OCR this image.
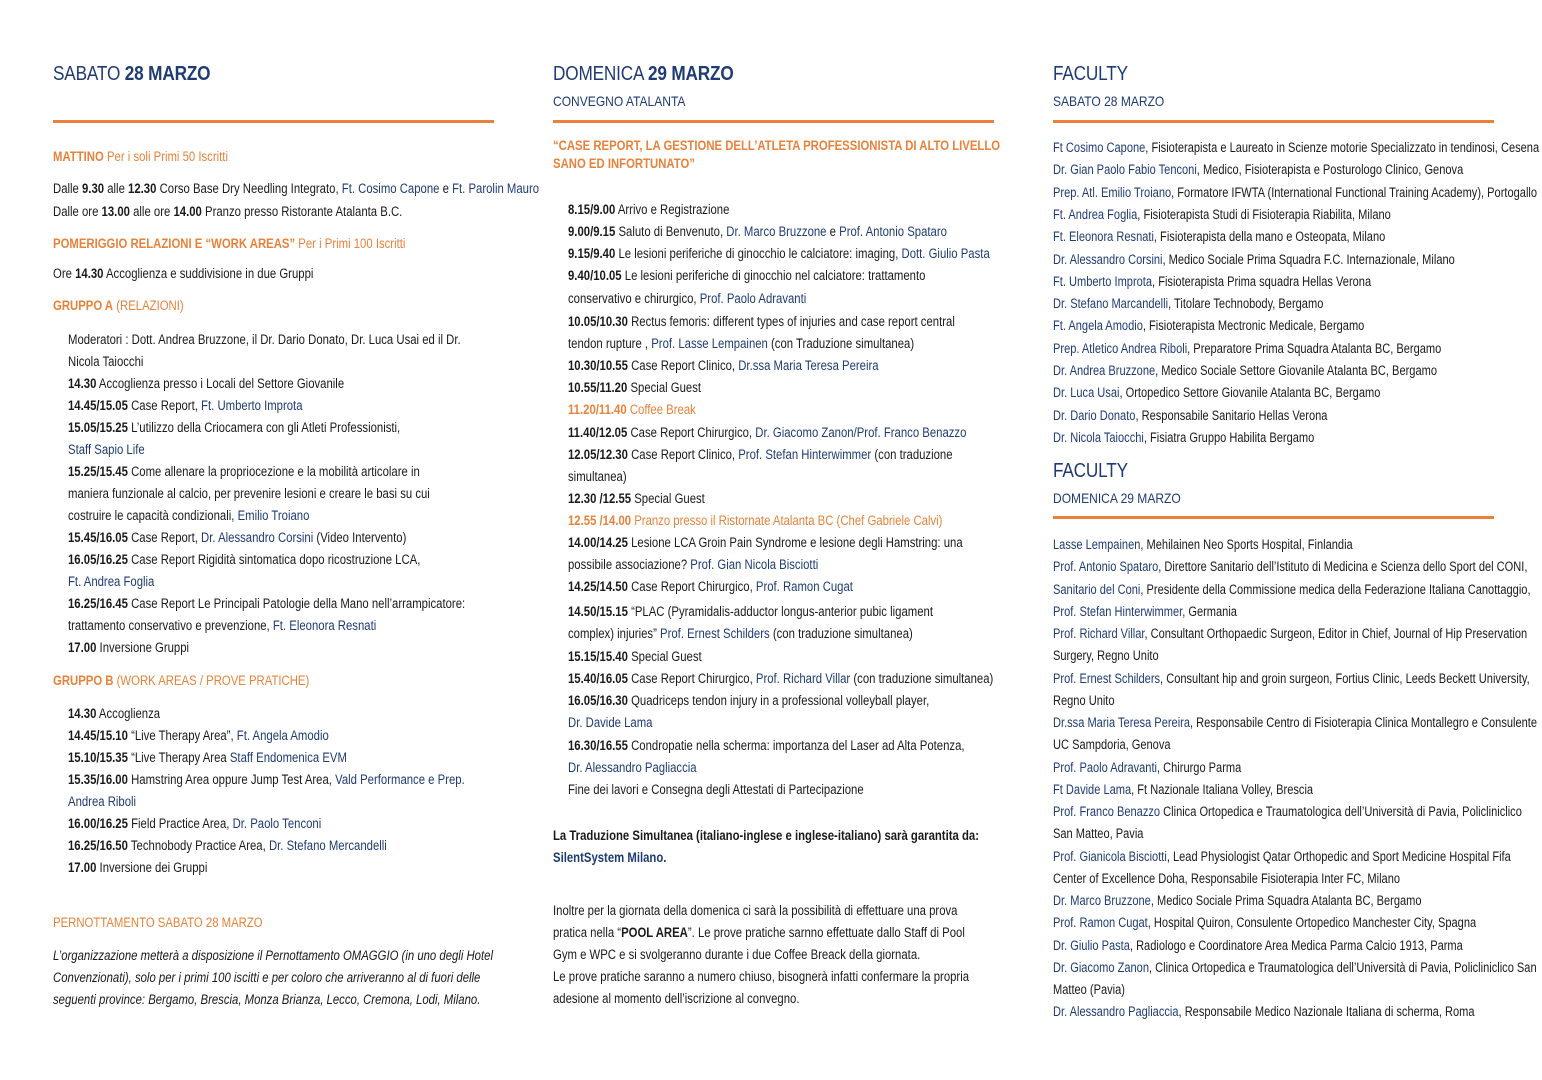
SABATO 28 MARZO
MATTINO Per i soli Primi 50 Iscritti
Dalle 9.30 alle 12.30 Corso Base Dry Needling Integrato, Ft. Cosimo Capone e Ft. Parolin Mauro
Dalle ore 13.00 alle ore 14.00 Pranzo presso Ristorante Atalanta B.C.
POMERIGGIO RELAZIONI E “WORK AREAS” Per i Primi 100 Iscritti
Ore 14.30 Accoglienza e suddivisione in due Gruppi
GRUPPO A (RELAZIONI)
Moderatori : Dott. Andrea Bruzzone, il Dr. Dario Donato, Dr. Luca Usai ed il Dr.
Nicola Taiocchi
14.30 Accoglienza presso i Locali del Settore Giovanile
14.45/15.05 Case Report, Ft. Umberto Improta
15.05/15.25 L’utilizzo della Criocamera con gli Atleti Professionisti,
Staff Sapio Life
15.25/15.45 Come allenare la propriocezione e la mobilità articolare in
maniera funzionale al calcio, per prevenire lesioni e creare le basi su cui
costruire le capacità condizionali, Emilio Troiano
15.45/16.05 Case Report, Dr. Alessandro Corsini (Video Intervento)
16.05/16.25 Case Report Rigidità sintomatica dopo ricostruzione LCA,
Ft. Andrea Foglia
16.25/16.45 Case Report Le Principali Patologie della Mano nell’arrampicatore:
trattamento conservativo e prevenzione, Ft. Eleonora Resnati
17.00 Inversione Gruppi
GRUPPO B (WORK AREAS / PROVE PRATICHE)
14.30 Accoglienza
14.45/15.10 “Live Therapy Area”, Ft. Angela Amodio
15.10/15.35 “Live Therapy Area Staff Endomenica EVM
15.35/16.00 Hamstring Area oppure Jump Test Area, Vald Performance e Prep.
Andrea Riboli
16.00/16.25 Field Practice Area, Dr. Paolo Tenconi
16.25/16.50 Technobody Practice Area, Dr. Stefano Mercandelli
17.00 Inversione dei Gruppi
PERNOTTAMENTO SABATO 28 MARZO
L’organizzazione metterà a disposizione il Pernottamento OMAGGIO (in uno degli Hotel
Convenzionati), solo per i primi 100 iscitti e per coloro che arriveranno al di fuori delle
seguenti province: Bergamo, Brescia, Monza Brianza, Lecco, Cremona, Lodi, Milano.
DOMENICA 29 MARZO
CONVEGNO ATALANTA
“CASE REPORT, LA GESTIONE DELL’ATLETA PROFESSIONISTA DI ALTO LIVELLO
SANO ED INFORTUNATO”
8.15/9.00 Arrivo e Registrazione
9.00/9.15 Saluto di Benvenuto, Dr. Marco Bruzzone e Prof. Antonio Spataro
9.15/9.40 Le lesioni periferiche di ginocchio le calciatore: imaging, Dott. Giulio Pasta
9.40/10.05 Le lesioni periferiche di ginocchio nel calciatore: trattamento
conservativo e chirurgico, Prof. Paolo Adravanti
10.05/10.30 Rectus femoris: different types of injuries and case report central
tendon rupture , Prof. Lasse Lempainen (con Traduzione simultanea)
10.30/10.55 Case Report Clinico, Dr.ssa Maria Teresa Pereira
10.55/11.20 Special Guest
11.20/11.40 Coffee Break
11.40/12.05 Case Report Chirurgico, Dr. Giacomo Zanon/Prof. Franco Benazzo
12.05/12.30 Case Report Clinico, Prof. Stefan Hinterwimmer (con traduzione
simultanea)
12.30 /12.55 Special Guest
12.55 /14.00 Pranzo presso il Ristornate Atalanta BC (Chef Gabriele Calvi)
14.00/14.25 Lesione LCA Groin Pain Syndrome e lesione degli Hamstring: una
possibile associazione? Prof. Gian Nicola Bisciotti
14.25/14.50 Case Report Chirurgico, Prof. Ramon Cugat
14.50/15.15 “PLAC (Pyramidalis-adductor longus-anterior pubic ligament
complex) injuries” Prof. Ernest Schilders (con traduzione simultanea)
15.15/15.40 Special Guest
15.40/16.05 Case Report Chirurgico, Prof. Richard Villar (con traduzione simultanea)
16.05/16.30 Quadriceps tendon injury in a professional volleyball player,
Dr. Davide Lama
16.30/16.55 Condropatie nella scherma: importanza del Laser ad Alta Potenza,
Dr. Alessandro Pagliaccia
Fine dei lavori e Consegna degli Attestati di Partecipazione
La Traduzione Simultanea (italiano-inglese e inglese-italiano) sarà garantita da:
SilentSystem Milano.
Inoltre per la giornata della domenica ci sarà la possibilità di effettuare una prova
pratica nella “POOL AREA”. Le prove pratiche sarnno effettuate dallo Staff di Pool
Gym e WPC e si svolgeranno durante i due Coffee Breack della giornata.
Le prove pratiche saranno a numero chiuso, bisognerà infatti confermare la propria
adesione al momento dell’iscrizione al convegno.
FACULTY
SABATO 28 MARZO
Ft Cosimo Capone, Fisioterapista e Laureato in Scienze motorie Specializzato in tendinosi, Cesena
Dr. Gian Paolo Fabio Tenconi, Medico, Fisioterapista e Posturologo Clinico, Genova
Prep. Atl. Emilio Troiano, Formatore IFWTA (International Functional Training Academy), Portogallo
Ft. Andrea Foglia, Fisioterapista Studi di Fisioterapia Riabilita, Milano
Ft. Eleonora Resnati, Fisioterapista della mano e Osteopata, Milano
Dr. Alessandro Corsini, Medico Sociale Prima Squadra F.C. Internazionale, Milano
Ft. Umberto Improta, Fisioterapista Prima squadra Hellas Verona
Dr. Stefano Marcandelli, Titolare Technobody, Bergamo
Ft. Angela Amodio, Fisioterapista Mectronic Medicale, Bergamo
Prep. Atletico Andrea Riboli, Preparatore Prima Squadra Atalanta BC, Bergamo
Dr. Andrea Bruzzone, Medico Sociale Settore Giovanile Atalanta BC, Bergamo
Dr. Luca Usai, Ortopedico Settore Giovanile Atalanta BC, Bergamo
Dr. Dario Donato, Responsabile Sanitario Hellas Verona
Dr. Nicola Taiocchi, Fisiatra Gruppo Habilita Bergamo
FACULTY
DOMENICA 29 MARZO
Lasse Lempainen, Mehilainen Neo Sports Hospital, Finlandia
Prof. Antonio Spataro, Direttore Sanitario dell’Istituto di Medicina e Scienza dello Sport del CONI,
Sanitario del Coni, Presidente della Commissione medica della Federazione Italiana Canottaggio,
Prof. Stefan Hinterwimmer, Germania
Prof. Richard Villar, Consultant Orthopaedic Surgeon, Editor in Chief, Journal of Hip Preservation
Surgery, Regno Unito
Prof. Ernest Schilders, Consultant hip and groin surgeon, Fortius Clinic, Leeds Beckett University,
Regno Unito
Dr.ssa Maria Teresa Pereira, Responsabile Centro di Fisioterapia Clinica Montallegro e Consulente
UC Sampdoria, Genova
Prof. Paolo Adravanti, Chirurgo Parma
Ft Davide Lama, Ft Nazionale Italiana Volley, Brescia
Prof. Franco Benazzo Clinica Ortopedica e Traumatologica dell’Università di Pavia, Policliniclico
San Matteo, Pavia
Prof. Gianicola Bisciotti, Lead Physiologist Qatar Orthopedic and Sport Medicine Hospital Fifa
Center of Excellence Doha, Responsabile Fisioterapia Inter FC, Milano
Dr. Marco Bruzzone, Medico Sociale Prima Squadra Atalanta BC, Bergamo
Prof. Ramon Cugat, Hospital Quiron, Consulente Ortopedico Manchester City, Spagna
Dr. Giulio Pasta, Radiologo e Coordinatore Area Medica Parma Calcio 1913, Parma
Dr. Giacomo Zanon, Clinica Ortopedica e Traumatologica dell’Università di Pavia, Policliniclico San
Matteo (Pavia)
Dr. Alessandro Pagliaccia, Responsabile Medico Nazionale Italiana di scherma, Roma
